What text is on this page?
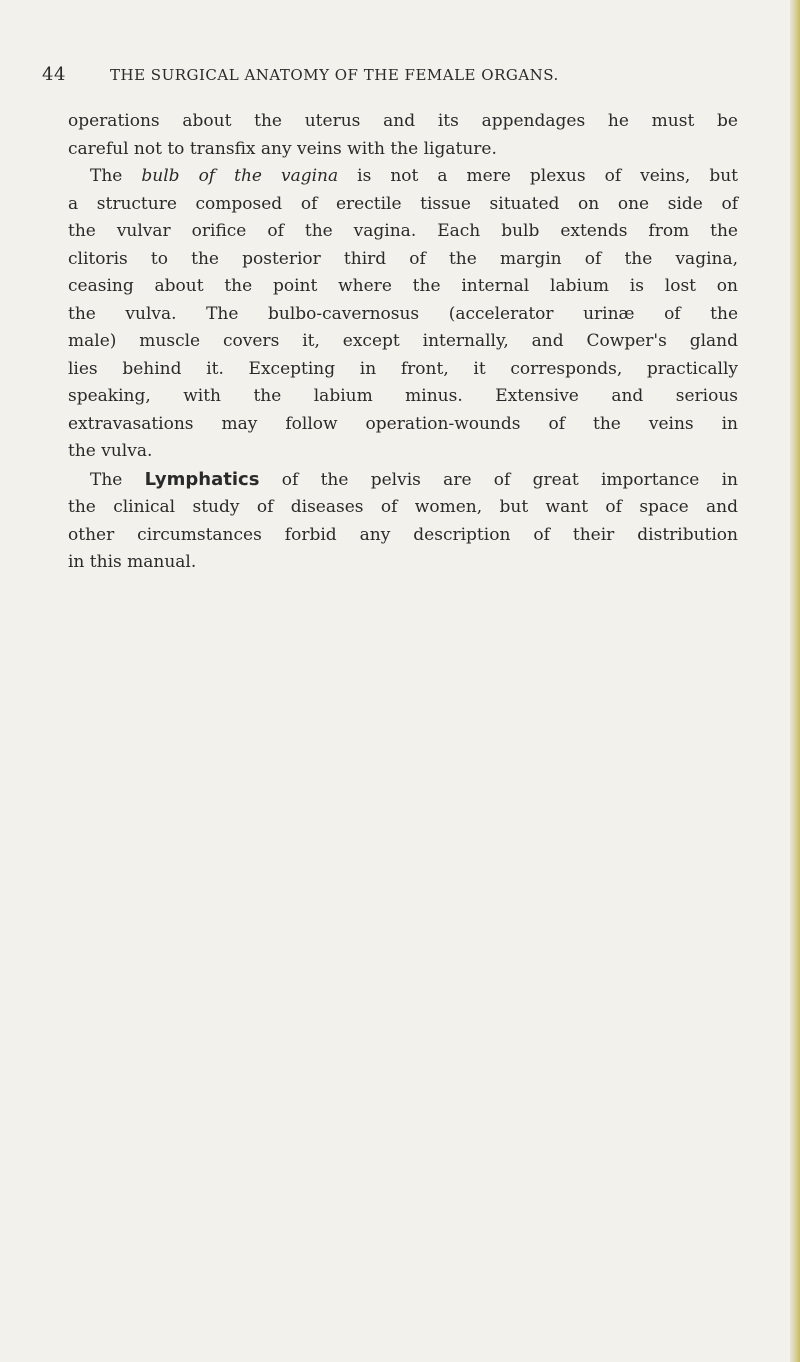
44	THE SURGICAL ANATOMY OF THE FEMALE ORGANS.
operations about the uterus and its appendages he must be
careful not to transfix any veins with the ligature.
The bulb of the vagina is not a mere plexus of veins, but
a structure composed of erectile tissue situated on one side of
the vulvar orifice of the vagina. Each bulb extends from the
clitoris to the posterior third of the margin of the vagina,
ceasing about the point where the internal labium is lost on
the vulva. The bulbo-cavernosus (accelerator urinæ of the
male) muscle covers it, except internally, and Cowper's gland
lies behind it. Excepting in front, it corresponds, practically
speaking, with the labium minus. Extensive and serious
extravasations may follow operation-wounds of the veins in
the vulva.
The Lymphatics of the pelvis are of great importance in
the clinical study of diseases of women, but want of space and
other circumstances forbid any description of their distribution
in this manual.
